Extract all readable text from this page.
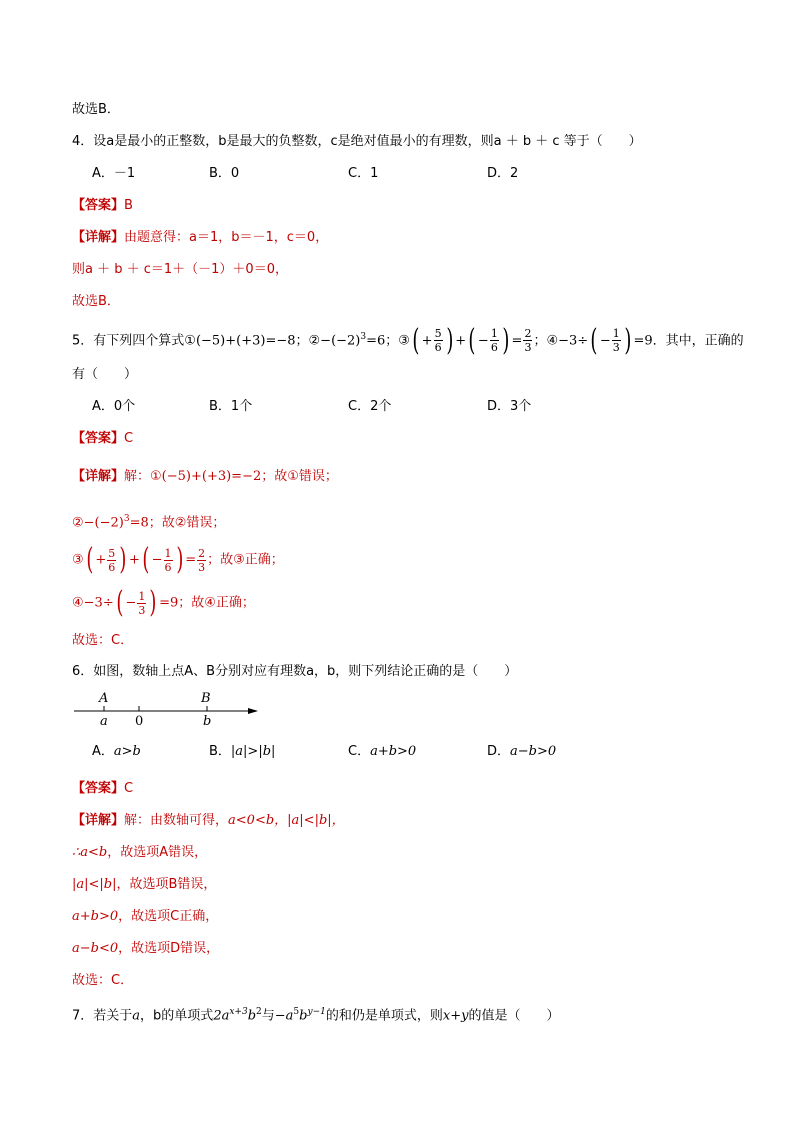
故选B．
4．设a是最小的正整数，b是最大的负整数，c是绝对值最小的有理数，则a ＋ b ＋ c 等于（　　）
A．－1	B．0	C．1	D．2
【答案】B
【详解】由题意得：a＝1，b＝－1，c＝0，
则a ＋ b ＋ c＝1＋（－1）＋0＝0，
故选B．
5．有下列四个算式①(−5)+(+3)=−8；$②-(-2)^3=6$；③( + $\frac{5}{6}$ ) +( − $\frac{1}{6}$ ) = $\frac{2}{3}$ ；④−3÷( − $\frac{1}{3}$ ) =9．其中，正确的
有（　　）
A．0个	B．1个	C．2个	D．3个
【答案】C
【详解】解：①(−5)+(+3)=−2；故①错误；
$②-(-2)^3=8$；故②错误；
③( + $\frac{5}{6}$ ) +( − $\frac{1}{6}$ ) = $\frac{2}{3}$ ；故③正确；
④−3÷( − $\frac{1}{3}$ ) =9；故④正确；
故选：C．
6．如图，数轴上点A、B分别对应有理数a，b，则下列结论正确的是（　　）
A
a 0
B
b
A．a>b	B．|a|>|b|	C．a+b>0	D．a−b>0
【答案】C
【详解】解：由数轴可得，a<0<b，|a|<|b|，
∴a<b，故选项A错误，
|a|<|b|，故选项B错误，
a+b>0，故选项C正确，
a−b<0，故选项D错误，
故选：C．
7．若关于a，b的单项式$2a^{x+3}b^2$与$-a^5b^{y-1}$的和仍是单项式，则x+y的值是（　　）
